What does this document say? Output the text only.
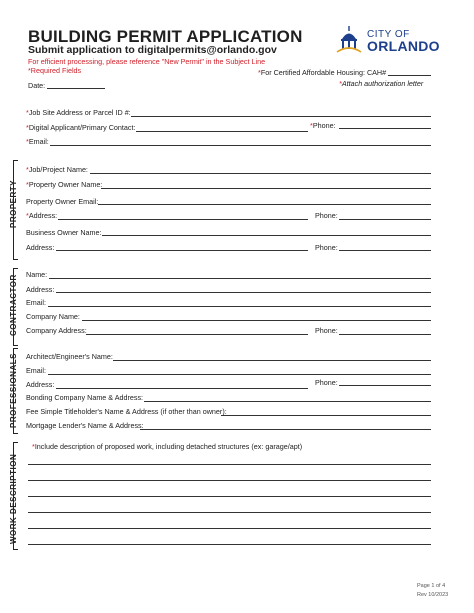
BUILDING PERMIT APPLICATION
Submit application to digitalpermits@orlando.gov
For efficient processing, please reference "New Permit" in the Subject Line
*Required Fields
CITY OF
ORLANDO
Date:
*For Certified Affordable Housing: CAH#
*Attach authorization letter
*Job Site Address or Parcel ID #:
*Digital Applicant/Primary Contact:	*Phone:
*Email:
PROPERTY
*Job/Project Name:
*Property Owner Name:
Property Owner Email:
*Address:	Phone:
Business Owner Name:
Address:	Phone:
CONTRACTOR Name:
Address:
Email:
Company Name:
Company Address:	Phone:
PROFESSIONALS Architect/Engineer's Name:
Email:
Address:	Phone:
Bonding Company Name & Address:
Fee Simple Titleholder's Name & Address (if other than owner):
Mortgage Lender's Name & Address:
WORK DESCRIPTION
*Include description of proposed work, including detached structures (ex: garage/apt)
Page 1 of 4
Rev 10/2023
